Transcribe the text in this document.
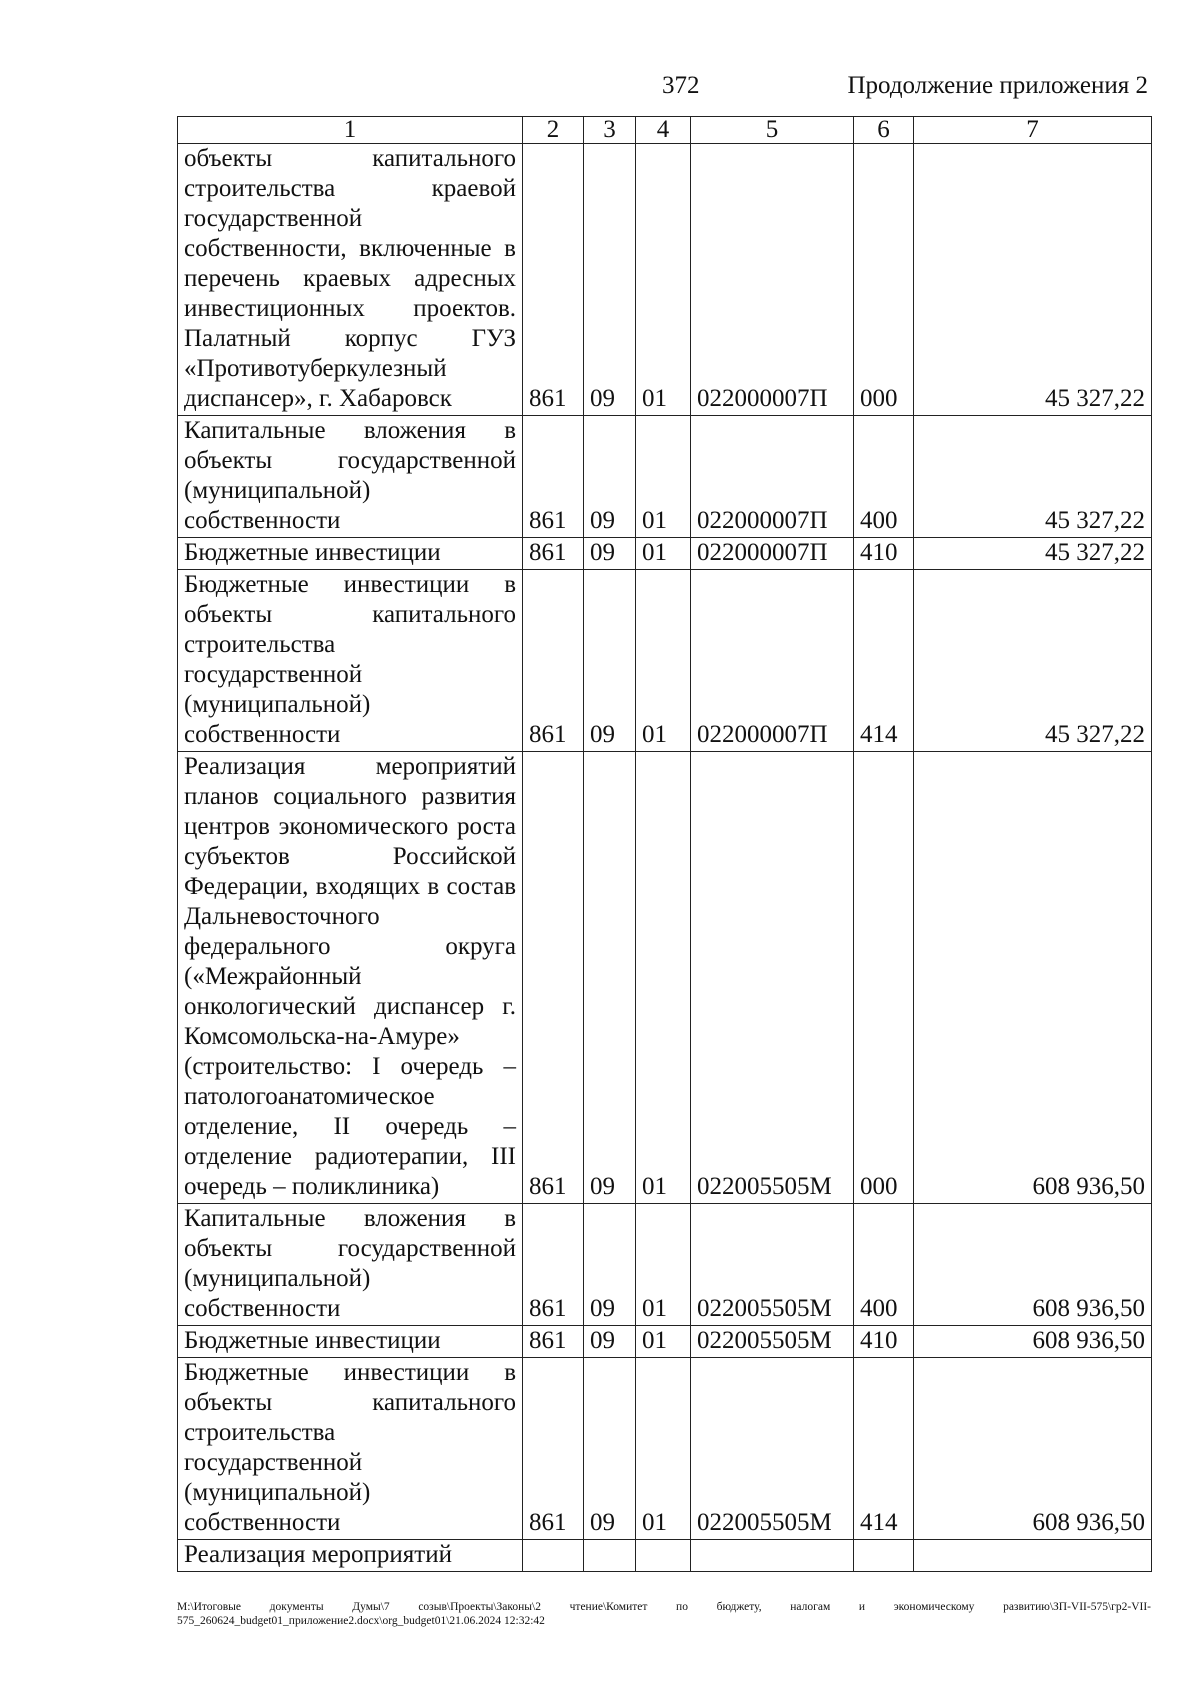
372	Продолжение приложения 2
1	2	3	4	5	6	7
объекты капитального строительства краевой государственной собственности, включенные в перечень краевых адресных инвестиционных проектов. Палатный корпус ГУЗ «Противотуберкулезный диспансер», г. Хабаровск	861	09	01	022000007П	000	45 327,22
Капитальные вложения в объекты государственной (муниципальной) собственности	861	09	01	022000007П	400	45 327,22
Бюджетные инвестиции	861	09	01	022000007П	410	45 327,22
Бюджетные инвестиции в объекты капитального строительства государственной (муниципальной) собственности	861	09	01	022000007П	414	45 327,22
Реализация мероприятий планов социального развития центров экономического роста субъектов Российской Федерации, входящих в состав Дальневосточного федерального округа («Межрайонный онкологический диспансер г. Комсомольска-на-Амуре» (строительство: I очередь – патологоанатомическое отделение, II очередь – отделение радиотерапии, III очередь – поликлиника)	861	09	01	022005505М	000	608 936,50
Капитальные вложения в объекты государственной (муниципальной) собственности	861	09	01	022005505М	400	608 936,50
Бюджетные инвестиции	861	09	01	022005505М	410	608 936,50
Бюджетные инвестиции в объекты капитального строительства государственной (муниципальной) собственности	861	09	01	022005505М	414	608 936,50
Реализация мероприятий						
М:\Итоговые документы Думы\7 созыв\Проекты\Законы\2 чтение\Комитет по бюджету, налогам и экономическому развитию\ЗП-VII-575\гр2-VII-575_260624_budget01_приложение2.docx\org_budget01\21.06.2024 12:32:42
